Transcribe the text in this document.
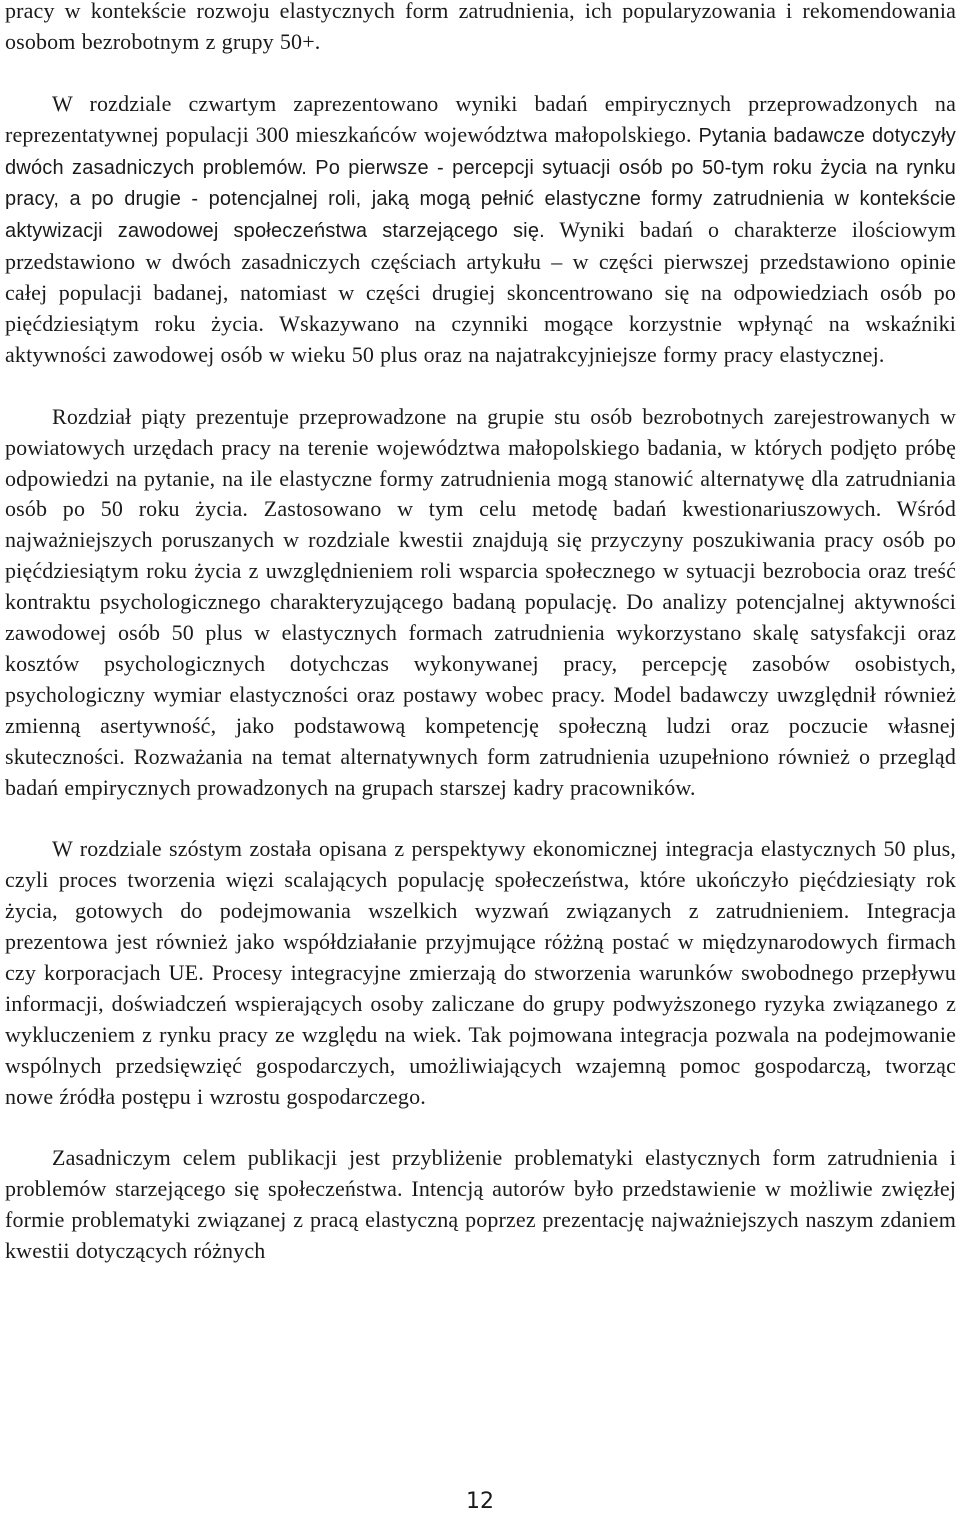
pracy w kontekście rozwoju elastycznych form zatrudnienia, ich popularyzowania i rekomendowania osobom bezrobotnym z grupy 50+.

W rozdziale czwartym zaprezentowano wyniki badań empirycznych przeprowadzonych na reprezentatywnej populacji 300 mieszkańców województwa małopolskiego. Pytania badawcze dotyczyły dwóch zasadniczych problemów. Po pierwsze - percepcji sytuacji osób po 50-tym roku życia na rynku pracy, a po drugie - potencjalnej roli, jaką mogą pełnić elastyczne formy zatrudnienia w kontekście aktywizacji zawodowej społeczeństwa starzejącego się. Wyniki badań o charakterze ilościowym przedstawiono w dwóch zasadniczych częściach artykułu – w części pierwszej przedstawiono opinie całej populacji badanej, natomiast w części drugiej skoncentrowano się na odpowiedziach osób po pięćdziesiątym roku życia. Wskazywano na czynniki mogące korzystnie wpłynąć na wskaźniki aktywności zawodowej osób w wieku 50 plus oraz na najatrakcyjniejsze formy pracy elastycznej.

Rozdział piąty prezentuje przeprowadzone na grupie stu osób bezrobotnych zarejestrowanych w powiatowych urzędach pracy na terenie województwa małopolskiego badania, w których podjęto próbę odpowiedzi na pytanie, na ile elastyczne formy zatrudnienia mogą stanowić alternatywę dla zatrudniania osób po 50 roku życia. Zastosowano w tym celu metodę badań kwestionariuszowych. Wśród najważniejszych poruszanych w rozdziale kwestii znajdują się przyczyny poszukiwania pracy osób po pięćdziesiątym roku życia z uwzględnieniem roli wsparcia społecznego w sytuacji bezrobocia oraz treść kontraktu psychologicznego charakteryzującego badaną populację. Do analizy potencjalnej aktywności zawodowej osób 50 plus w elastycznych formach zatrudnienia wykorzystano skalę satysfakcji oraz kosztów psychologicznych dotychczas wykonywanej pracy, percepcję zasobów osobistych, psychologiczny wymiar elastyczności oraz postawy wobec pracy. Model badawczy uwzględnił również zmienną asertywność, jako podstawową kompetencję społeczną ludzi oraz poczucie własnej skuteczności. Rozważania na temat alternatywnych form zatrudnienia uzupełniono również o przegląd badań empirycznych prowadzonych na grupach starszej kadry pracowników.

W rozdziale szóstym została opisana z perspektywy ekonomicznej integracja elastycznych 50 plus, czyli proces tworzenia więzi scalających populację społeczeństwa, które ukończyło pięćdziesiąty rok życia, gotowych do podejmowania wszelkich wyzwań związanych z zatrudnieniem. Integracja prezentowa jest również jako współdziałanie przyjmujące różżną postać w międzynarodowych firmach czy korporacjach UE. Procesy integracyjne zmierzają do stworzenia warunków swobodnego przepływu informacji, doświadczeń wspierających osoby zaliczane do grupy podwyższonego ryzyka związanego z wykluczeniem z rynku pracy ze względu na wiek. Tak pojmowana integracja pozwala na podejmowanie wspólnych przedsięwzięć gospodarczych, umożliwiających wzajemną pomoc gospodarczą, tworząc nowe źródła postępu i wzrostu gospodarczego.

Zasadniczym celem publikacji jest przybliżenie problematyki elastycznych form zatrudnienia i problemów starzejącego się społeczeństwa. Intencją autorów było przedstawienie w możliwie zwięzłej formie problematyki związanej z pracą elastyczną poprzez prezentację najważniejszych naszym zdaniem kwestii dotyczących różnych

12
